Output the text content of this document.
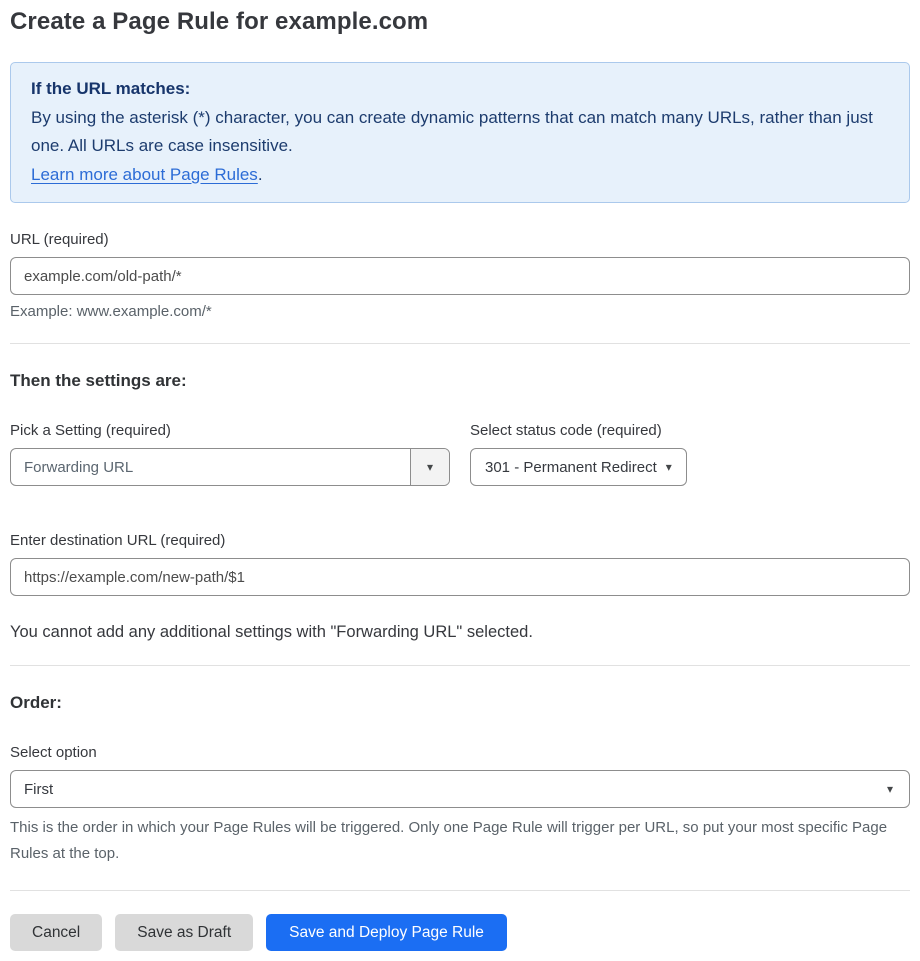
Create a Page Rule for example.com
If the URL matches:
By using the asterisk (*) character, you can create dynamic patterns that can match many URLs, rather than just one. All URLs are case insensitive.
Learn more about Page Rules.
URL (required)
example.com/old-path/*
Example: www.example.com/*
Then the settings are:
Pick a Setting (required)
Forwarding URL	▾
Select status code (required)
301 - Permanent Redirect ▾
Enter destination URL (required)
https://example.com/new-path/$1

You cannot add any additional settings with "Forwarding URL" selected.

Order:
Select option
First	▾

This is the order in which your Page Rules will be triggered. Only one Page Rule will trigger per URL, so put your most specific Page Rules at the top.

Cancel	Save as Draft	Save and Deploy Page Rule
